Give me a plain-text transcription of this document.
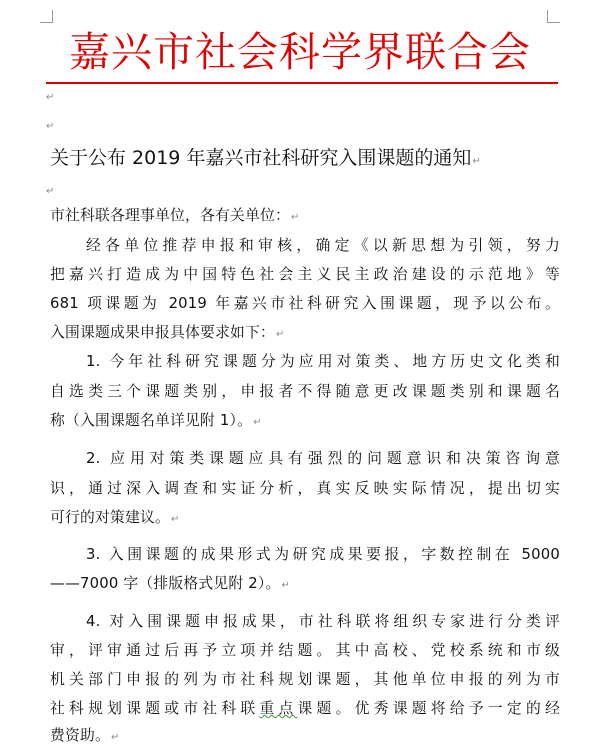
嘉兴市社会科学界联合会
↵
↵
关于公布 2019 年嘉兴市社科研究入围课题的通知↵
↵
市社科联各理事单位，各有关单位：↵
经各单位推荐申报和审核，确定《以新思想为引领，努力
把嘉兴打造成为中国特色社会主义民主政治建设的示范地》等
681 项课题为 2019 年嘉兴市社科研究入围课题，现予以公布。
入围课题成果申报具体要求如下：↵
1. 今年社科研究课题分为应用对策类、地方历史文化类和
自选类三个课题类别，申报者不得随意更改课题类别和课题名
称（入围课题名单详见附 1）。↵
2. 应用对策类课题应具有强烈的问题意识和决策咨询意
识，通过深入调查和实证分析，真实反映实际情况，提出切实
可行的对策建议。↵
3. 入围课题的成果形式为研究成果要报，字数控制在 5000
——7000 字（排版格式见附 2）。↵
4. 对入围课题申报成果，市社科联将组织专家进行分类评
审，评审通过后再予立项并结题。其中高校、党校系统和市级
机关部门申报的列为市社科规划课题，其他单位申报的列为市
社科规划课题或市社科联重点课题。优秀课题将给予一定的经
费资助。↵
